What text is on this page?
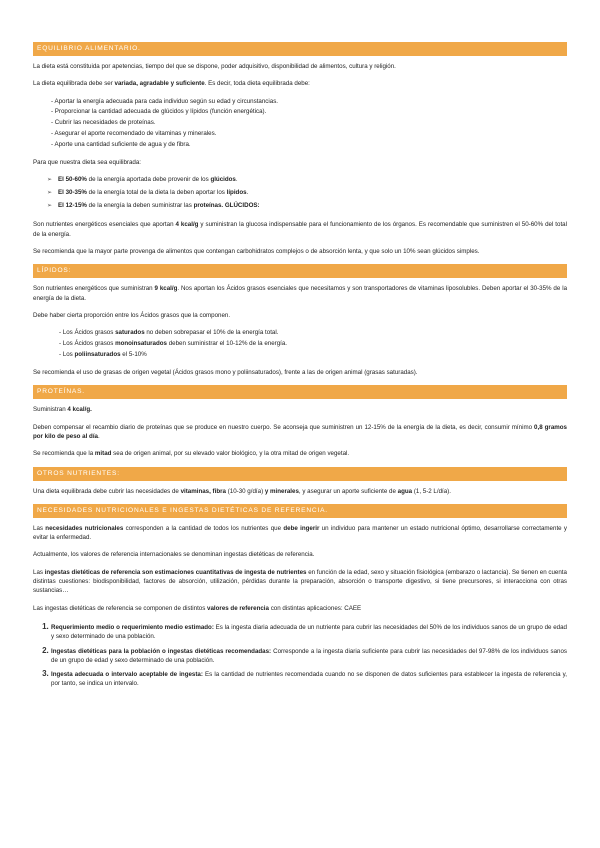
EQUILIBRIO ALIMENTARIO.

La dieta está constituida por apetencias, tiempo del que se dispone, poder adquisitivo, disponibilidad de alimentos, cultura y religión.

La dieta equilibrada debe ser variada, agradable y suficiente. Es decir, toda dieta equilibrada debe:

- Aportar la energía adecuada para cada individuo según su edad y circunstancias.
- Proporcionar la cantidad adecuada de glúcidos y lípidos (función energética).
- Cubrir las necesidades de proteínas.
- Asegurar el aporte recomendado de vitaminas y minerales.
- Aporte una cantidad suficiente de agua y de fibra.

Para que nuestra dieta sea equilibrada:

➢ El 50-60% de la energía aportada debe provenir de los glúcidos.
➢ El 30-35% de la energía total de la dieta la deben aportar los lípidos.
➢ El 12-15% de la energía la deben suministrar las proteínas. GLÚCIDOS:

Son nutrientes energéticos esenciales que aportan 4 kcal/g y suministran la glucosa indispensable para el funcionamiento de los órganos. Es recomendable que suministren el 50-60% del total de la energía.

Se recomienda que la mayor parte provenga de alimentos que contengan carbohidratos complejos o de absorción lenta, y que solo un 10% sean glúcidos simples.

LÍPIDOS:

Son nutrientes energéticos que suministran 9 kcal/g. Nos aportan los Ácidos grasos esenciales que necesitamos y son transportadores de vitaminas liposolubles. Deben aportar el 30-35% de la energía de la dieta.

Debe haber cierta proporción entre los Ácidos grasos que la componen.

- Los Ácidos grasos saturados no deben sobrepasar el 10% de la energía total.
- Los Ácidos grasos monoinsaturados deben suministrar el 10-12% de la energía.
- Los poliinsaturados el 5-10%

Se recomienda el uso de grasas de origen vegetal (Ácidos grasos mono y poliinsaturados), frente a las de origen animal (grasas saturadas).

PROTEÍNAS.

Suministran 4 kcal/g.

Deben compensar el recambio diario de proteínas que se produce en nuestro cuerpo. Se aconseja que suministren un 12-15% de la energía de la dieta, es decir, consumir mínimo 0,8 gramos por kilo de peso al día.

Se recomienda que la mitad sea de origen animal, por su elevado valor biológico, y la otra mitad de origen vegetal.

OTROS NUTRIENTES:

Una dieta equilibrada debe cubrir las necesidades de vitaminas, fibra (10-30 g/día) y minerales, y asegurar un aporte suficiente de agua (1, 5-2 L/día).

NECESIDADES NUTRICIONALES E INGESTAS DIETÉTICAS DE REFERENCIA.

Las necesidades nutricionales corresponden a la cantidad de todos los nutrientes que debe ingerir un individuo para mantener un estado nutricional óptimo, desarrollarse correctamente y evitar la enfermedad.

Actualmente, los valores de referencia internacionales se denominan ingestas dietéticas de referencia.

Las ingestas dietéticas de referencia son estimaciones cuantitativas de ingesta de nutrientes en función de la edad, sexo y situación fisiológica (embarazo o lactancia). Se tienen en cuenta distintas cuestiones: biodisponibilidad, factores de absorción, utilización, pérdidas durante la preparación, absorción o transporte digestivo, si tiene precursores, si interacciona con otras sustancias…

Las ingestas dietéticas de referencia se componen de distintos valores de referencia con distintas aplicaciones: CAEE

1. Requerimiento medio o requerimiento medio estimado: Es la ingesta diaria adecuada de un nutriente para cubrir las necesidades del 50% de los individuos sanos de un grupo de edad y sexo determinado de una población.
2. Ingestas dietéticas para la población o ingestas dietéticas recomendadas: Corresponde a la ingesta diaria suficiente para cubrir las necesidades del 97-98% de los individuos sanos de un grupo de edad y sexo determinado de una población.
3. Ingesta adecuada o intervalo aceptable de ingesta: Es la cantidad de nutrientes recomendada cuando no se disponen de datos suficientes para establecer la ingesta de referencia y, por tanto, se indica un intervalo.
